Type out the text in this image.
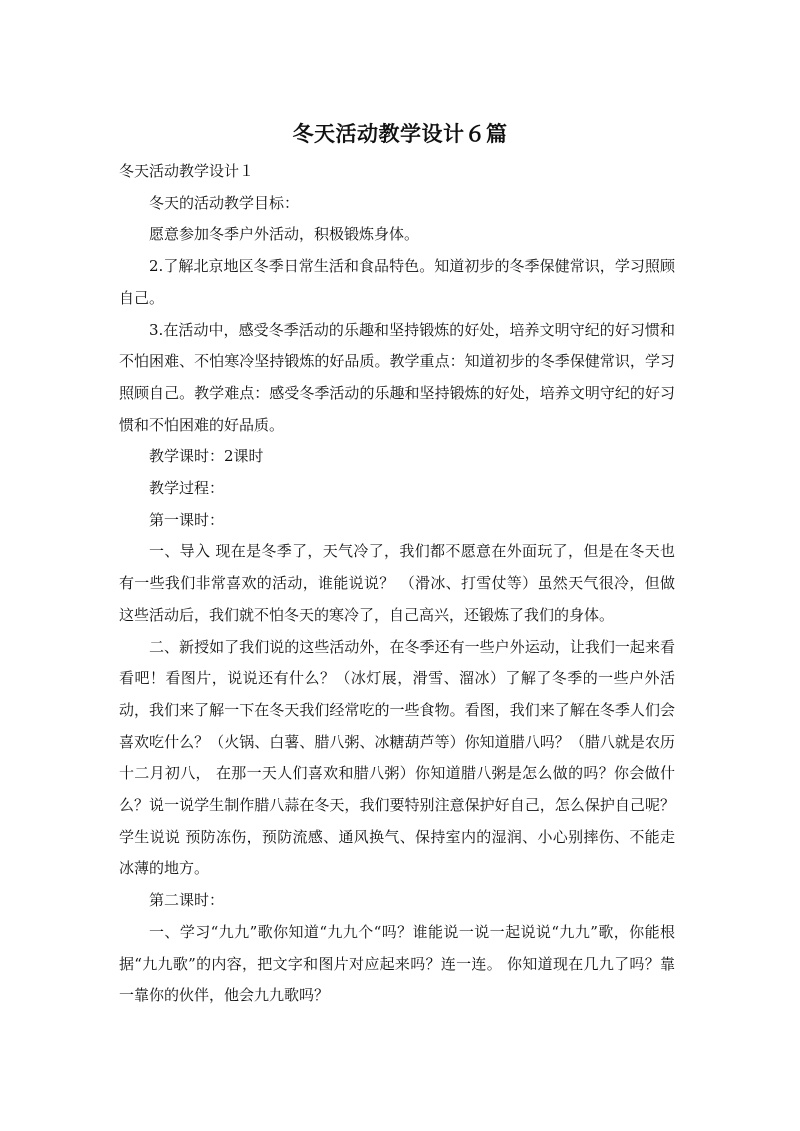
冬天活动教学设计６篇

冬天活动教学设计１

冬天的活动教学目标：

愿意参加冬季户外活动，积极锻炼身体。

2.了解北京地区冬季日常生活和食品特色。知道初步的冬季保健常识，学习照顾自己。

3.在活动中，感受冬季活动的乐趣和坚持锻炼的好处，培养文明守纪的好习惯和不怕困难、不怕寒冷坚持锻炼的好品质。教学重点：知道初步的冬季保健常识，学习照顾自己。教学难点：感受冬季活动的乐趣和坚持锻炼的好处，培养文明守纪的好习惯和不怕困难的好品质。

教学课时：2课时

教学过程：

第一课时：

一、导入 现在是冬季了，天气冷了，我们都不愿意在外面玩了，但是在冬天也有一些我们非常喜欢的活动，谁能说说？ （滑冰、打雪仗等）虽然天气很冷，但做这些活动后，我们就不怕冬天的寒冷了，自己高兴，还锻炼了我们的身体。

二、新授如了我们说的这些活动外，在冬季还有一些户外运动，让我们一起来看看吧！看图片，说说还有什么？（冰灯展，滑雪、溜冰）了解了冬季的一些户外活动，我们来了解一下在冬天我们经常吃的一些食物。看图，我们来了解在冬季人们会喜欢吃什么？（火锅、白薯、腊八粥、冰糖葫芦等）你知道腊八吗？（腊八就是农历十二月初八， 在那一天人们喜欢和腊八粥）你知道腊八粥是怎么做的吗？你会做什么？说一说学生制作腊八蒜在冬天，我们要特别注意保护好自己，怎么保护自己呢？学生说说 预防冻伤，预防流感、通风换气、保持室内的湿润、小心别摔伤、不能走冰薄的地方。

第二课时：

一、学习“九九”歌你知道“九九个“吗？谁能说一说一起说说“九九”歌，你能根据“九九歌”的内容，把文字和图片对应起来吗？连一连。 你知道现在几九了吗？靠一靠你的伙伴，他会九九歌吗？
